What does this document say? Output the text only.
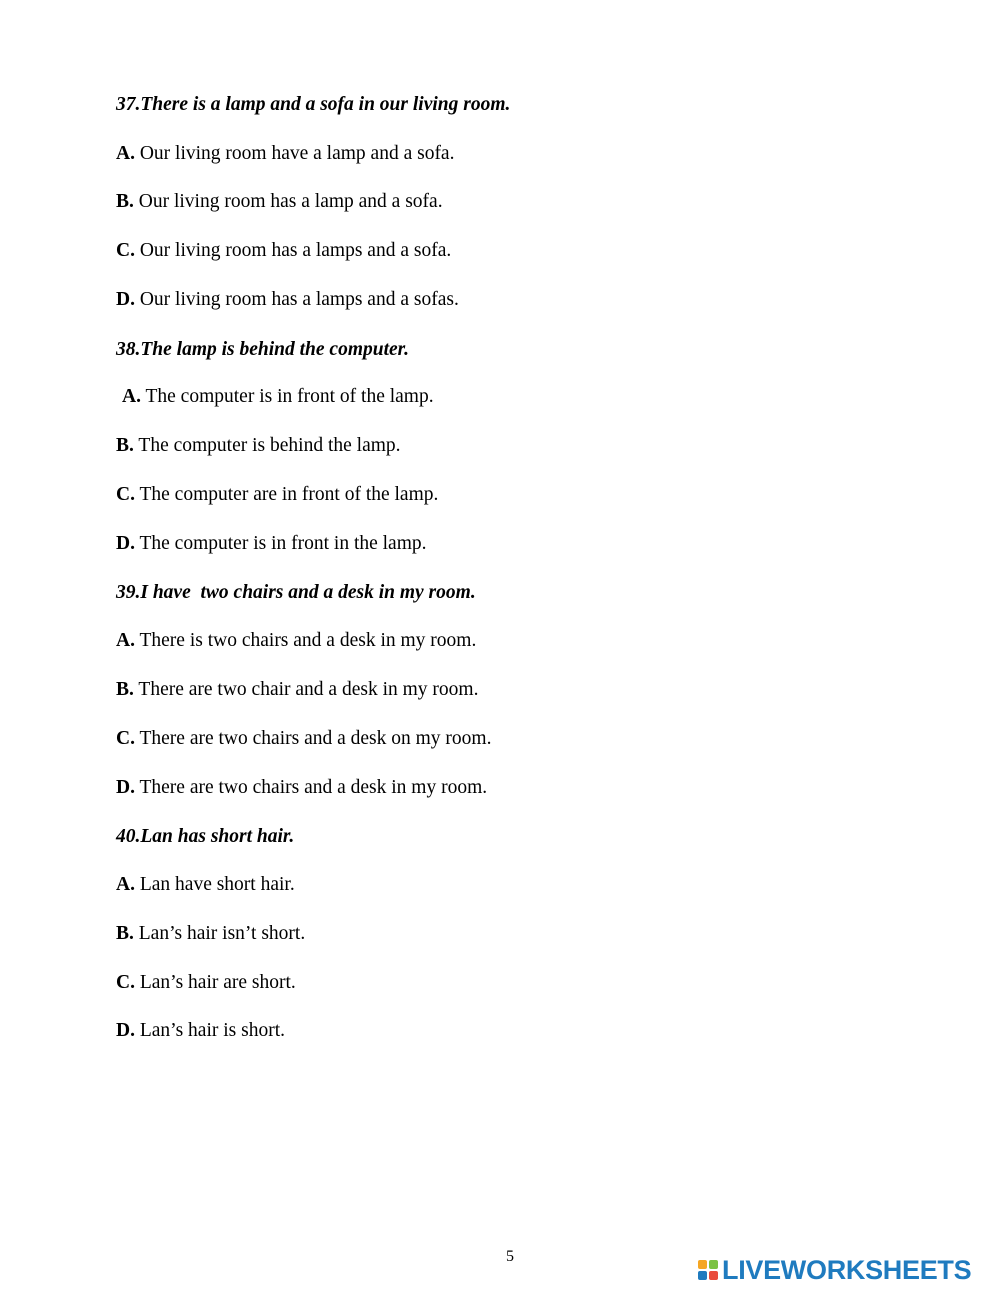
37.There is a lamp and a sofa in our living room.
A. Our living room have a lamp and a sofa.
B. Our living room has a lamp and a sofa.
C. Our living room has a lamps and a sofa.
D. Our living room has a lamps and a sofas.
38.The lamp is behind the computer.
A. The computer is in front of the lamp.
B. The computer is behind the lamp.
C. The computer are in front of the lamp.
D. The computer is in front in the lamp.
39.I have  two chairs and a desk in my room.
A. There is two chairs and a desk in my room.
B. There are two chair and a desk in my room.
C. There are two chairs and a desk on my room.
D. There are two chairs and a desk in my room.
40.Lan has short hair.
A. Lan have short hair.
B. Lan’s hair isn’t short.
C. Lan’s hair are short.
D. Lan’s hair is short.
5	LIVEWORKSHEETS
